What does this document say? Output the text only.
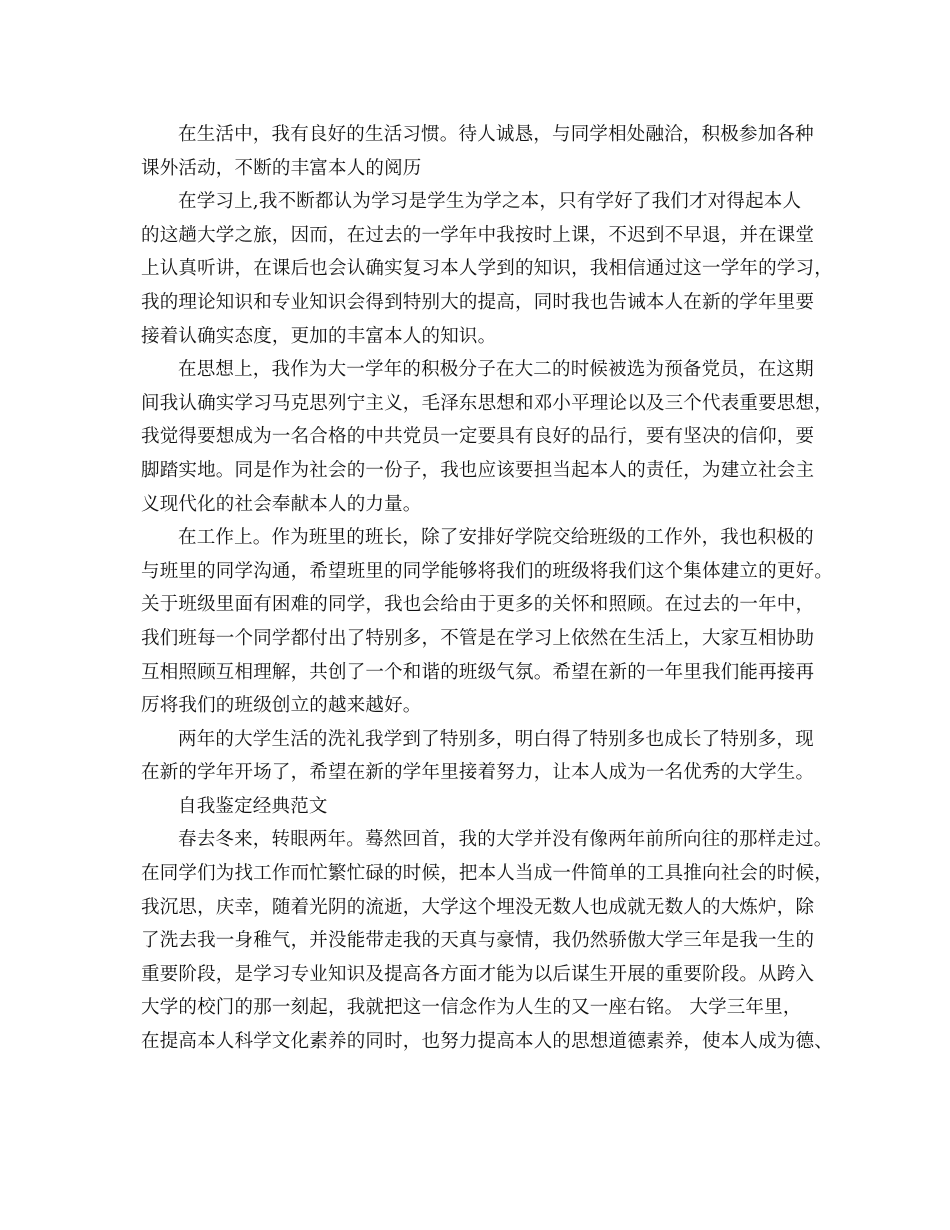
在生活中，我有良好的生活习惯。待人诚恳，与同学相处融洽，积极参加各种
课外活动，不断的丰富本人的阅历
在学习上,我不断都认为学习是学生为学之本，只有学好了我们才对得起本人
的这趟大学之旅，因而，在过去的一学年中我按时上课，不迟到不早退，并在课堂
上认真听讲，在课后也会认确实复习本人学到的知识，我相信通过这一学年的学习，
我的理论知识和专业知识会得到特别大的提高，同时我也告诫本人在新的学年里要
接着认确实态度，更加的丰富本人的知识。
在思想上，我作为大一学年的积极分子在大二的时候被选为预备党员，在这期
间我认确实学习马克思列宁主义，毛泽东思想和邓小平理论以及三个代表重要思想，
我觉得要想成为一名合格的中共党员一定要具有良好的品行，要有坚决的信仰，要
脚踏实地。同是作为社会的一份子，我也应该要担当起本人的责任，为建立社会主
义现代化的社会奉献本人的力量。
在工作上。作为班里的班长，除了安排好学院交给班级的工作外，我也积极的
与班里的同学沟通，希望班里的同学能够将我们的班级将我们这个集体建立的更好。
关于班级里面有困难的同学，我也会给由于更多的关怀和照顾。在过去的一年中，
我们班每一个同学都付出了特别多，不管是在学习上依然在生活上，大家互相协助
互相照顾互相理解，共创了一个和谐的班级气氛。希望在新的一年里我们能再接再
厉将我们的班级创立的越来越好。
两年的大学生活的洗礼我学到了特别多，明白得了特别多也成长了特别多，现
在新的学年开场了，希望在新的学年里接着努力，让本人成为一名优秀的大学生。
自我鉴定经典范文
春去冬来，转眼两年。蓦然回首，我的大学并没有像两年前所向往的那样走过。
在同学们为找工作而忙繁忙碌的时候，把本人当成一件简单的工具推向社会的时候，
我沉思，庆幸，随着光阴的流逝，大学这个埋没无数人也成就无数人的大炼炉，除
了洗去我一身稚气，并没能带走我的天真与豪情，我仍然骄傲大学三年是我一生的
重要阶段，是学习专业知识及提高各方面才能为以后谋生开展的重要阶段。从跨入
大学的校门的那一刻起，我就把这一信念作为人生的又一座右铭。 大学三年里，
在提高本人科学文化素养的同时，也努力提高本人的思想道德素养，使本人成为德、
